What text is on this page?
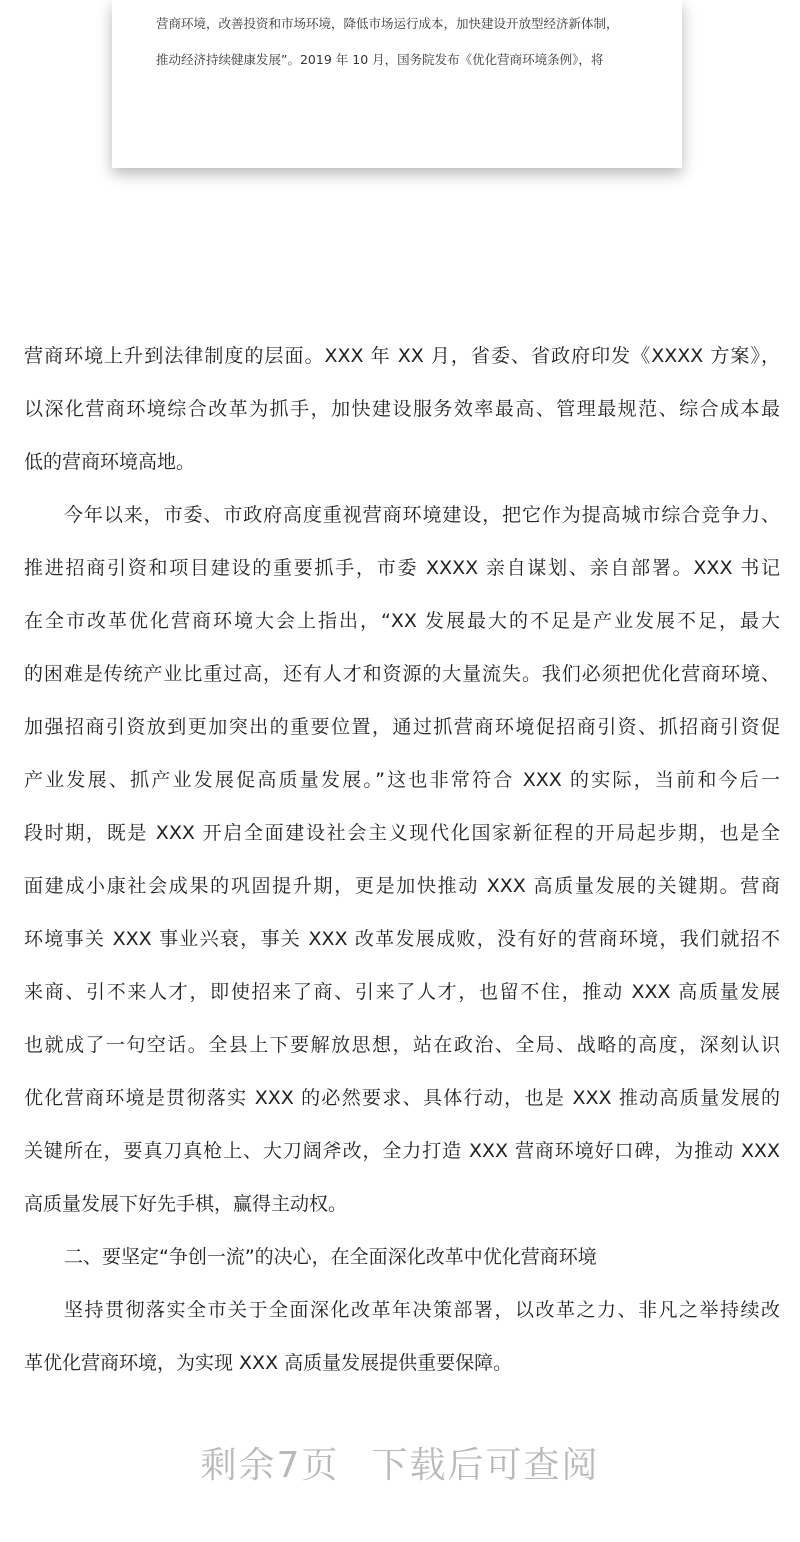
营商环境，改善投资和市场环境，降低市场运行成本，加快建设开放型经济新体制，

推动经济持续健康发展”。2019 年 10 月，国务院发布《优化营商环境条例》，将

营商环境上升到法律制度的层面。XXX 年 XX 月，省委、省政府印发《XXXX 方案》，
以深化营商环境综合改革为抓手，加快建设服务效率最高、管理最规范、综合成本最
低的营商环境高地。

今年以来，市委、市政府高度重视营商环境建设，把它作为提高城市综合竞争力、
推进招商引资和项目建设的重要抓手，市委 XXXX 亲自谋划、亲自部署。XXX 书记
在全市改革优化营商环境大会上指出，“XX 发展最大的不足是产业发展不足，最大
的困难是传统产业比重过高，还有人才和资源的大量流失。我们必须把优化营商环境、
加强招商引资放到更加突出的重要位置，通过抓营商环境促招商引资、抓招商引资促
产业发展、抓产业发展促高质量发展。”这也非常符合 XXX 的实际，当前和今后一
段时期，既是 XXX 开启全面建设社会主义现代化国家新征程的开局起步期，也是全
面建成小康社会成果的巩固提升期，更是加快推动 XXX 高质量发展的关键期。营商
环境事关 XXX 事业兴衰，事关 XXX 改革发展成败，没有好的营商环境，我们就招不
来商、引不来人才，即使招来了商、引来了人才，也留不住，推动 XXX 高质量发展
也就成了一句空话。全县上下要解放思想，站在政治、全局、战略的高度，深刻认识
优化营商环境是贯彻落实 XXX 的必然要求、具体行动，也是 XXX 推动高质量发展的
关键所在，要真刀真枪上、大刀阔斧改，全力打造 XXX 营商环境好口碑，为推动 XXX
高质量发展下好先手棋，赢得主动权。

二、要坚定“争创一流”的决心，在全面深化改革中优化营商环境

坚持贯彻落实全市关于全面深化改革年决策部署，以改革之力、非凡之举持续改
革优化营商环境，为实现 XXX 高质量发展提供重要保障。

剩余7页 下载后可查阅
